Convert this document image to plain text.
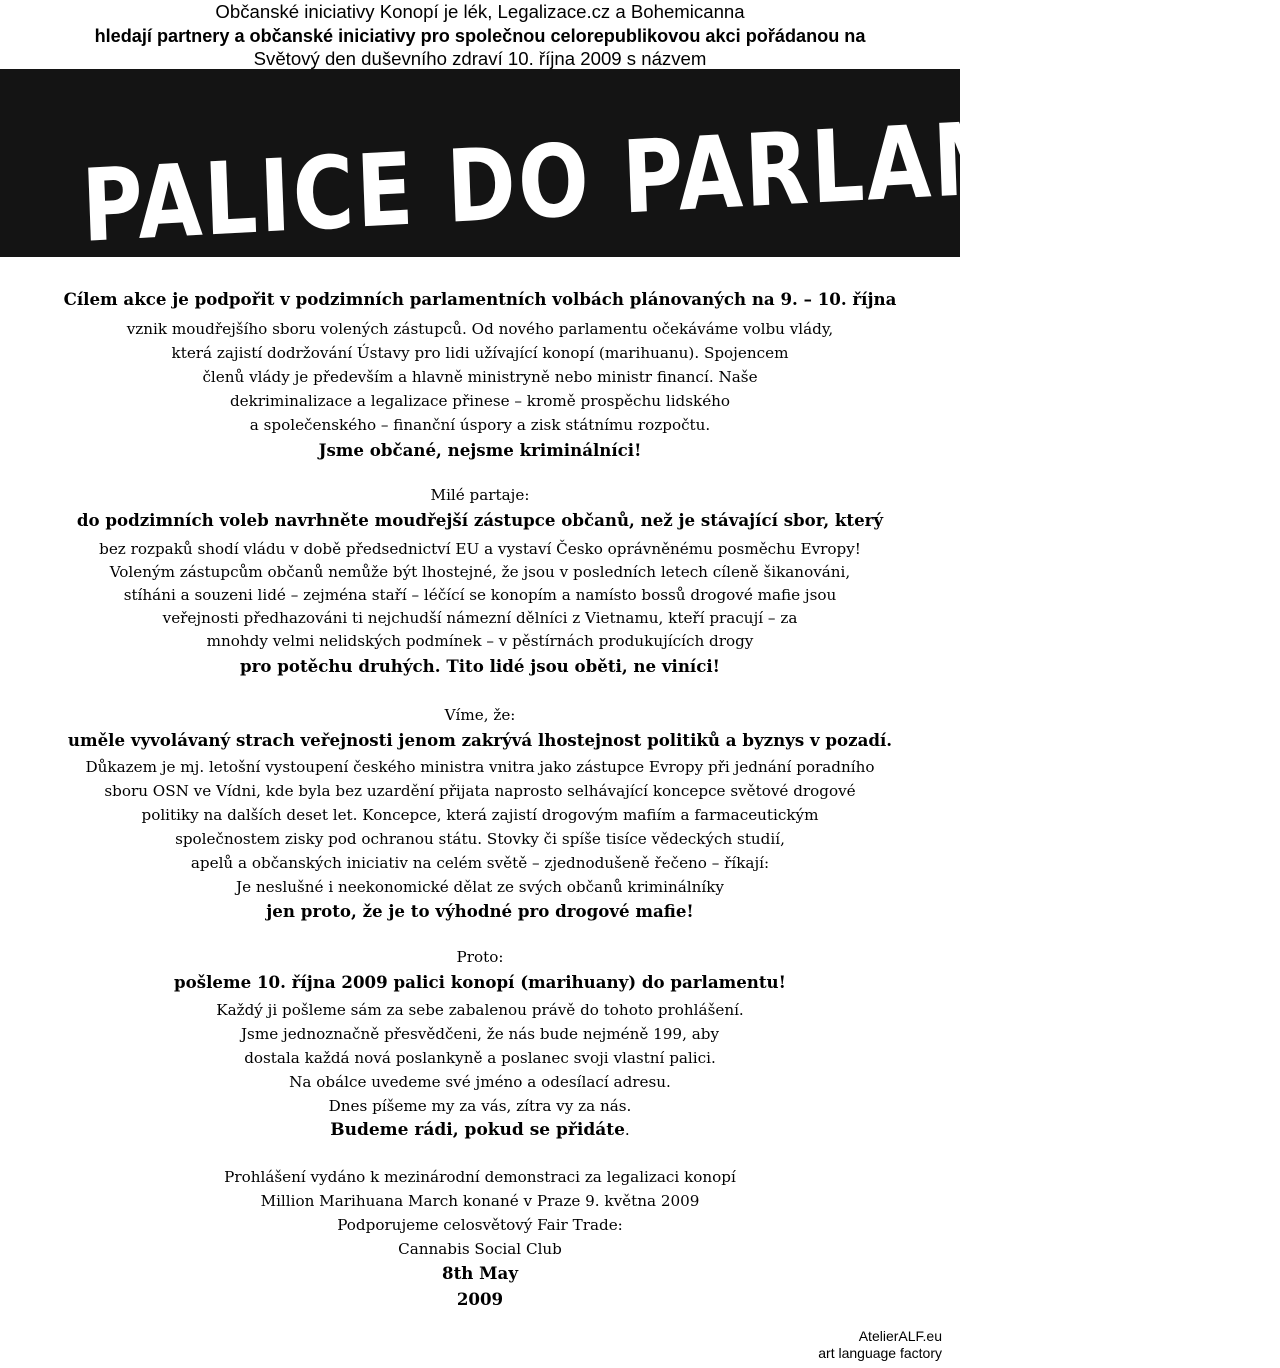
Občanské iniciativy Konopí je lék, Legalizace.cz a Bohemicanna
hledají partnery a občanské iniciativy pro společnou celorepublikovou akci pořádanou na
Světový den duševního zdraví 10. října 2009 s názvem
PALICE DO PARLAMENTU
Cílem akce je podpořit v podzimních parlamentních volbách plánovaných na 9. – 10. října
vznik moudřejšího sboru volených zástupců. Od nového parlamentu očekáváme volbu vlády,
která zajistí dodržování Ústavy pro lidi užívající konopí (marihuanu). Spojencem
členů vlády je především a hlavně ministryně nebo ministr financí. Naše
dekriminalizace a legalizace přinese – kromě prospěchu lidského
a společenského – finanční úspory a zisk státnímu rozpočtu.
Jsme občané, nejsme kriminálníci!
Milé partaje:
do podzimních voleb navrhněte moudřejší zástupce občanů, než je stávající sbor, který
bez rozpaků shodí vládu v době předsednictví EU a vystaví Česko oprávněnému posměchu Evropy!
Voleným zástupcům občanů nemůže být lhostejné, že jsou v posledních letech cíleně šikanováni,
stíháni a souzeni lidé – zejména staří – léčící se konopím a namísto bossů drogové mafie jsou
veřejnosti předhazováni ti nejchudší námezní dělníci z Vietnamu, kteří pracují – za
mnohdy velmi nelidských podmínek – v pěstírnách produkujících drogy
pro potěchu druhých. Tito lidé jsou oběti, ne viníci!
Víme, že:
uměle vyvolávaný strach veřejnosti jenom zakrývá lhostejnost politiků a byznys v pozadí.
Důkazem je mj. letošní vystoupení českého ministra vnitra jako zástupce Evropy při jednání poradního
sboru OSN ve Vídni, kde byla bez uzardění přijata naprosto selhávající koncepce světové drogové
politiky na dalších deset let. Koncepce, která zajistí drogovým mafiím a farmaceutickým
společnostem zisky pod ochranou státu. Stovky či spíše tisíce vědeckých studií,
apelů a občanských iniciativ na celém světě – zjednodušeně řečeno – říkají:
Je neslušné i neekonomické dělat ze svých občanů kriminálníky
jen proto, že je to výhodné pro drogové mafie!
Proto:
pošleme 10. října 2009 palici konopí (marihuany) do parlamentu!
Každý ji pošleme sám za sebe zabalenou právě do tohoto prohlášení.
Jsme jednoznačně přesvědčeni, že nás bude nejméně 199, aby
dostala každá nová poslankyně a poslanec svoji vlastní palici.
Na obálce uvedeme své jméno a odesílací adresu.
Dnes píšeme my za vás, zítra vy za nás.
Budeme rádi, pokud se přidáte.
Prohlášení vydáno k mezinárodní demonstraci za legalizaci konopí
Million Marihuana March konané v Praze 9. května 2009
Podporujeme celosvětový Fair Trade:
Cannabis Social Club
8th May
2009
AtelierALF.eu
art language factory
